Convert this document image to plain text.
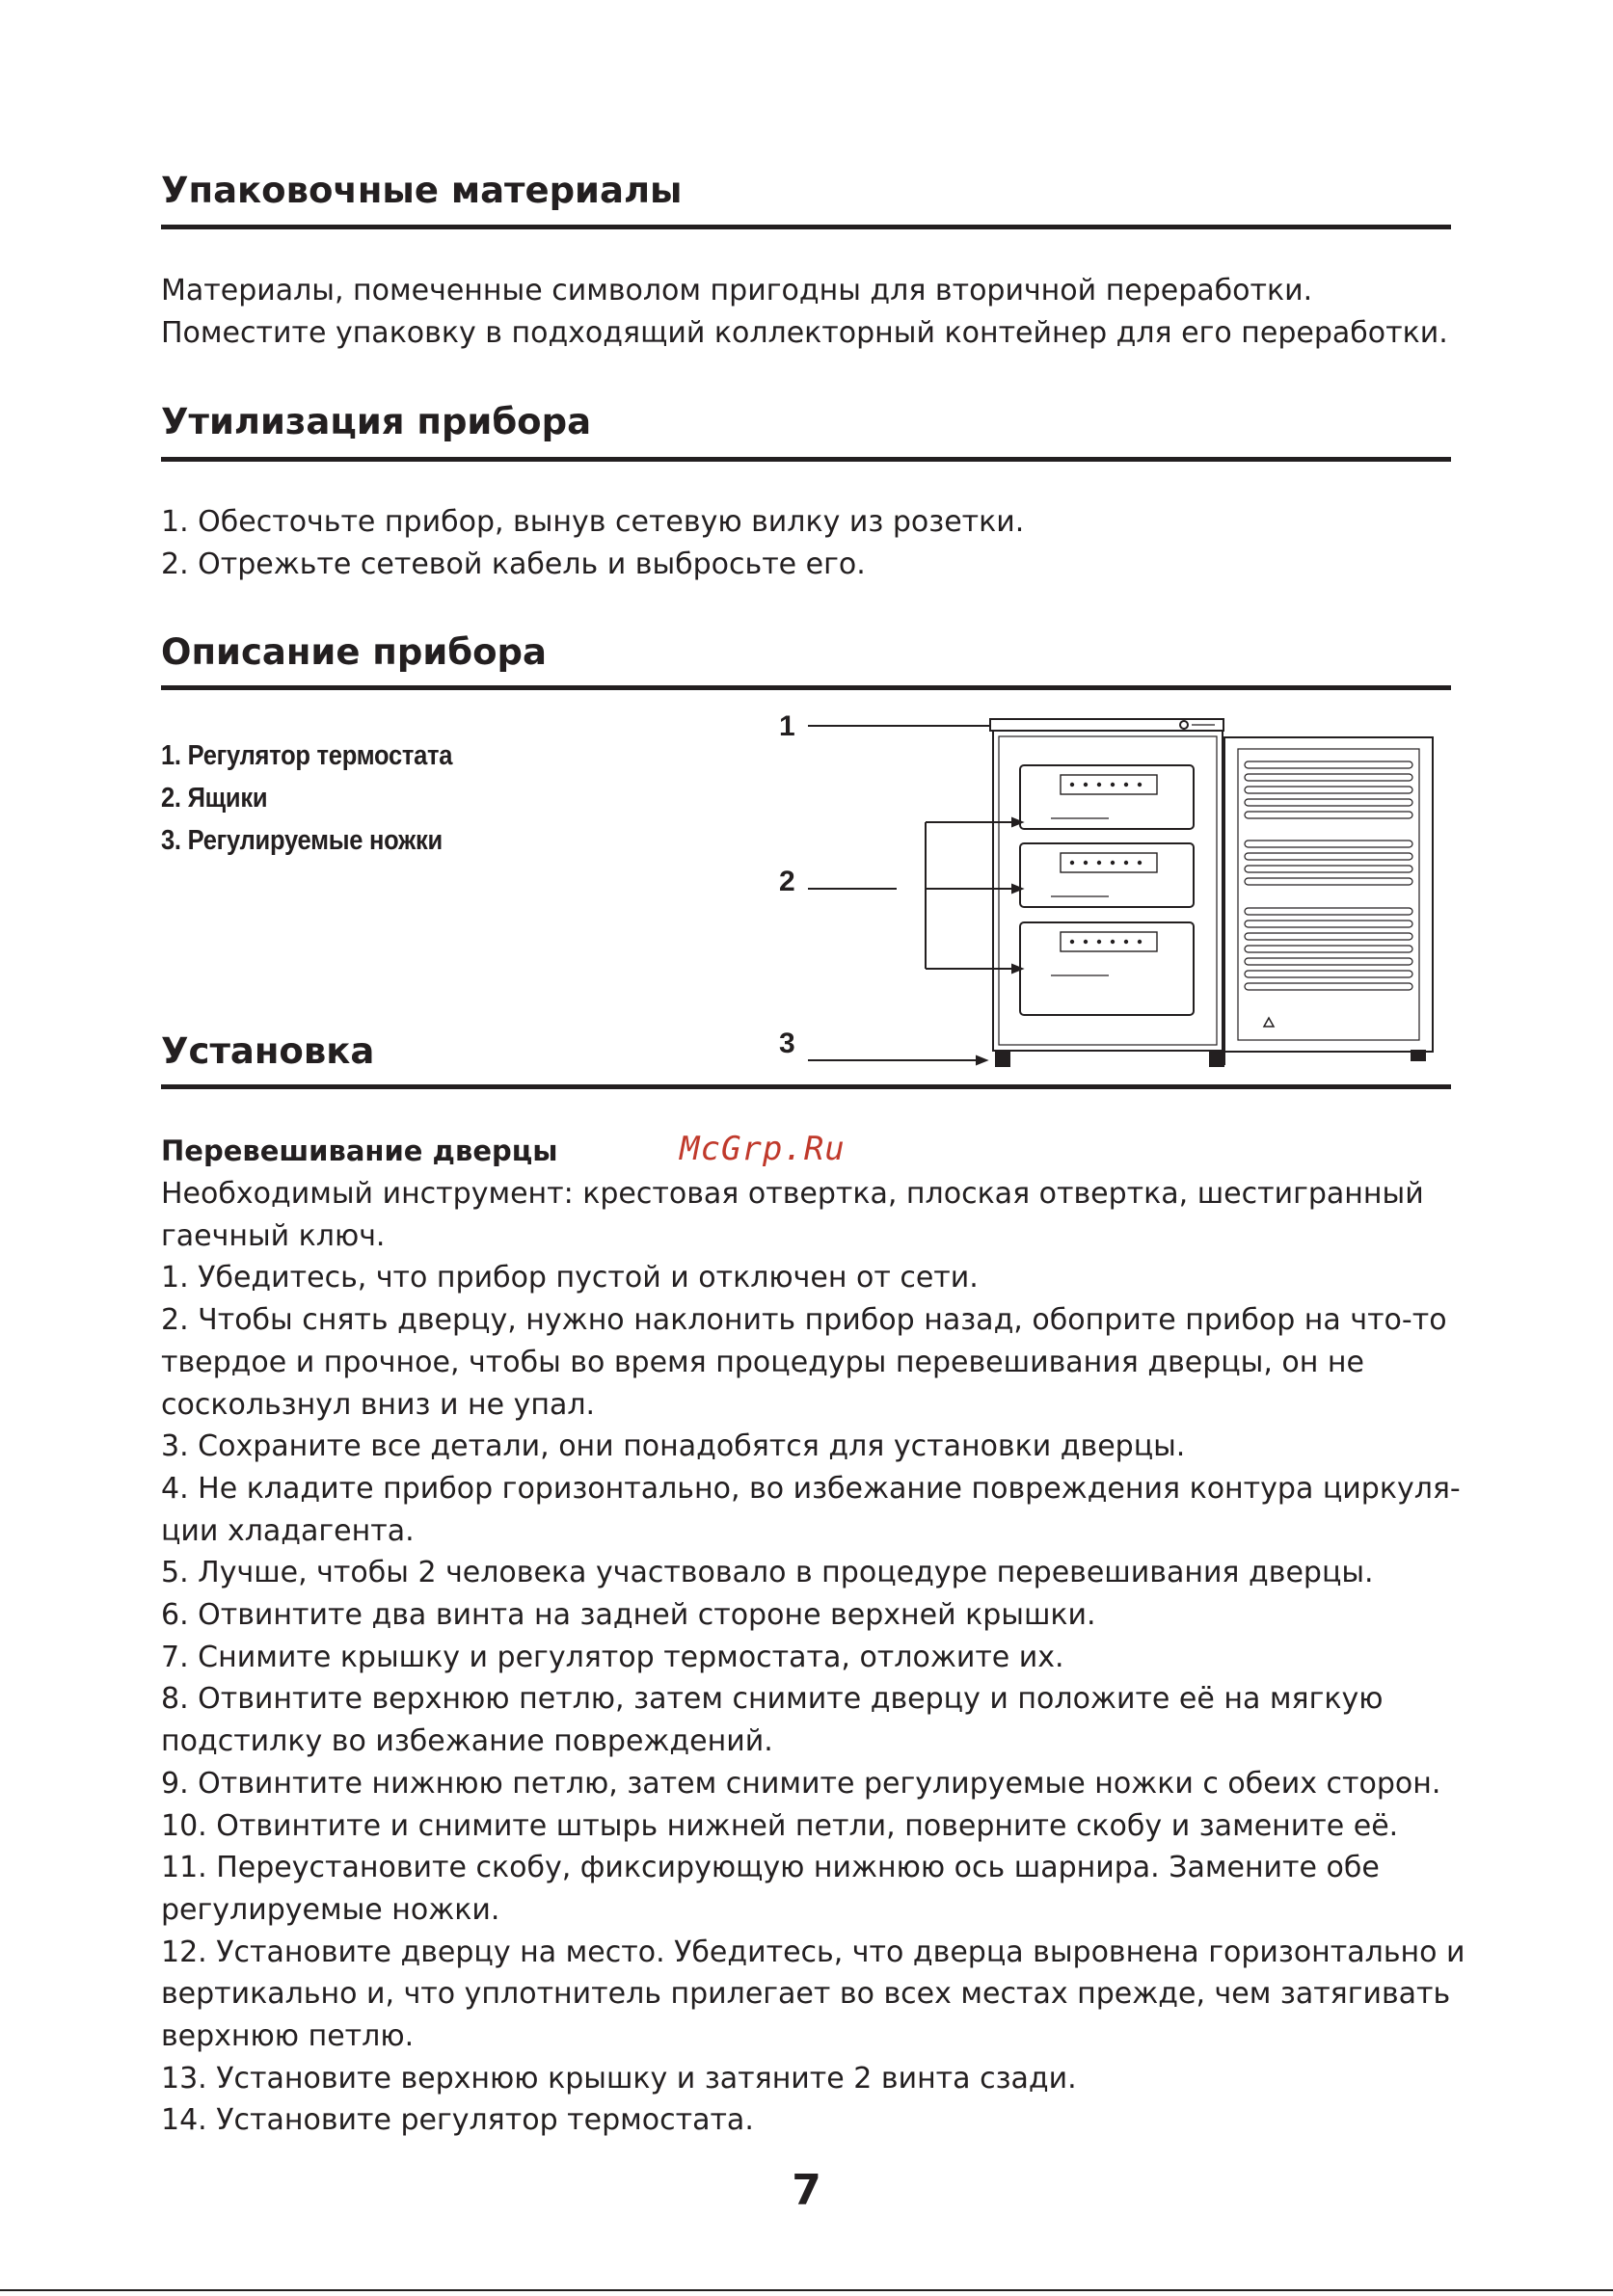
Упаковочные материалы

Материалы, помеченные символом пригодны для вторичной переработки.
Поместите упаковку в подходящий коллекторный контейнер для его переработки.

Утилизация прибора

1. Обесточьте прибор, вынув сетевую вилку из розетки.
2. Отрежьте сетевой кабель и выбросьте его.

Описание прибора
1. Регулятор термостата
2. Ящики
3. Регулируемые ножки
1
2
3
Установка

Перевешивание дверцы	McGrp.Ru

Необходимый инструмент: крестовая отвертка, плоская отвертка, шестигранный
гаечный ключ.
1. Убедитесь, что прибор пустой и отключен от сети.
2. Чтобы снять дверцу, нужно наклонить прибор назад, обоприте прибор на что-то
твердое и прочное, чтобы во время процедуры перевешивания дверцы, он не
соскользнул вниз и не упал.
3. Сохраните все детали, они понадобятся для установки дверцы.
4. Не кладите прибор горизонтально, во избежание повреждения контура циркуля-
ции хладагента.
5. Лучше, чтобы 2 человека участвовало в процедуре перевешивания дверцы.
6. Отвинтите два винта на задней стороне верхней крышки.
7. Снимите крышку и регулятор термостата, отложите их.
8. Отвинтите верхнюю петлю, затем снимите дверцу и положите её на мягкую
подстилку во избежание повреждений.
9. Отвинтите нижнюю петлю, затем снимите регулируемые ножки с обеих сторон.
10. Отвинтите и снимите штырь нижней петли, поверните скобу и замените её.
11. Переустановите скобу, фиксирующую нижнюю ось шарнира. Замените обе
регулируемые ножки.
12. Установите дверцу на место. Убедитесь, что дверца выровнена горизонтально и
вертикально и, что уплотнитель прилегает во всех местах прежде, чем затягивать
верхнюю петлю.
13. Установите верхнюю крышку и затяните 2 винта сзади.
14. Установите регулятор термостата.

7
